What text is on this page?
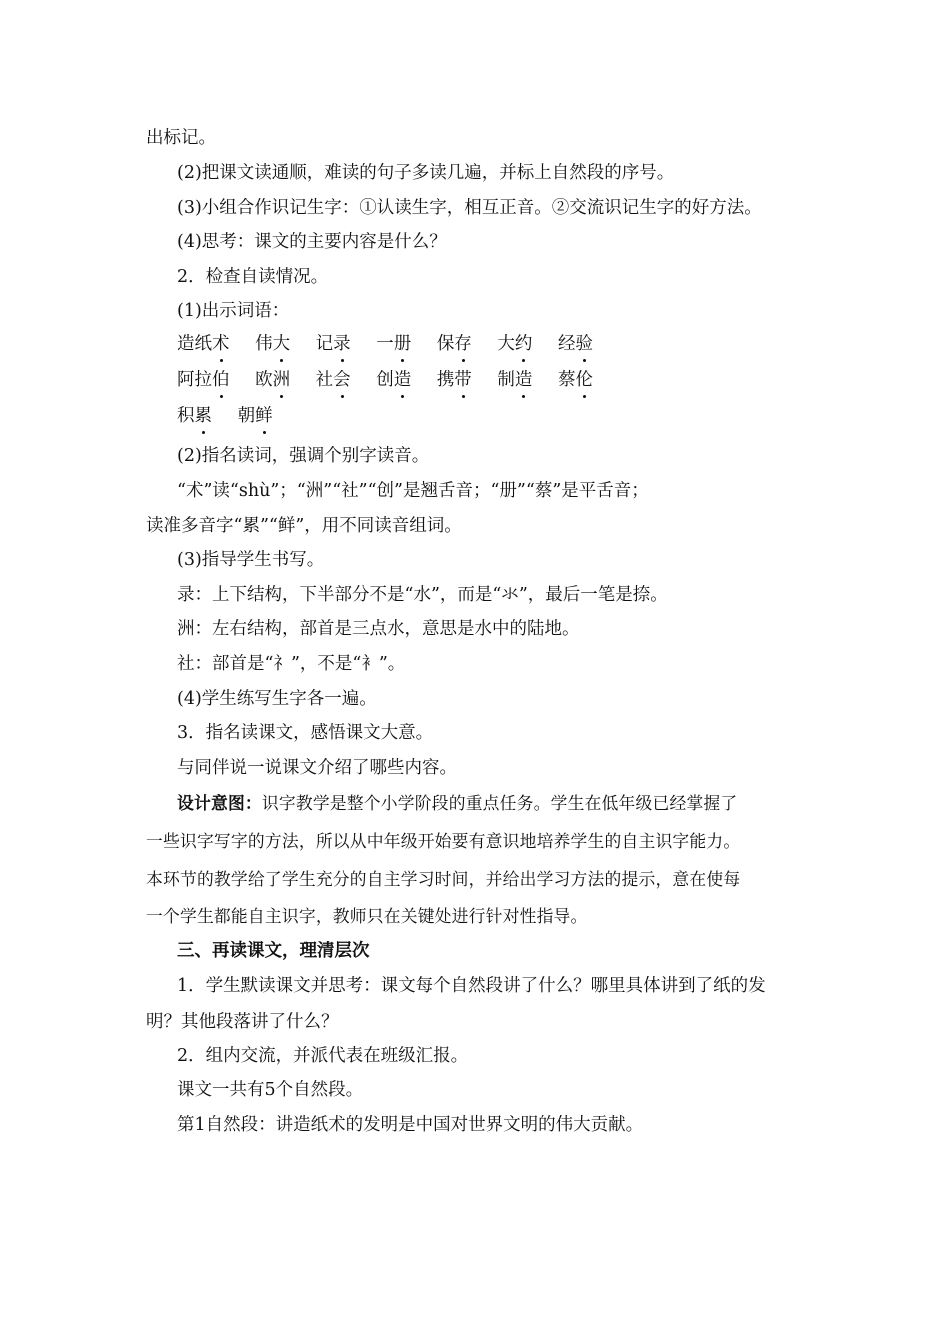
出标记。
(2)把课文读通顺，难读的句子多读几遍，并标上自然段的序号。
(3)小组合作识记生字：①认读生字，相互正音。②交流识记生字的好方法。
(4)思考：课文的主要内容是什么？
2．检查自读情况。
(1)出示词语：
造纸术 伟大 记录 一册 保存 大约 经验
阿拉伯 欧洲 社会 创造 携带 制造 蔡伦
积累 朝鲜
(2)指名读词，强调个别字读音。
“术”读“shù”；“洲”“社”“创”是翘舌音；“册”“蔡”是平舌音；
读准多音字“累”“鲜”，用不同读音组词。
(3)指导学生书写。
录：上下结构，下半部分不是“水”，而是“氺”，最后一笔是捺。
洲：左右结构，部首是三点水，意思是水中的陆地。
社：部首是“礻”，不是“衤”。
(4)学生练写生字各一遍。
3．指名读课文，感悟课文大意。
与同伴说一说课文介绍了哪些内容。
设计意图：识字教学是整个小学阶段的重点任务。学生在低年级已经掌握了
一些识字写字的方法，所以从中年级开始要有意识地培养学生的自主识字能力。
本环节的教学给了学生充分的自主学习时间，并给出学习方法的提示，意在使每
一个学生都能自主识字，教师只在关键处进行针对性指导。
三、再读课文，理清层次
1．学生默读课文并思考：课文每个自然段讲了什么？哪里具体讲到了纸的发
明？其他段落讲了什么？
2．组内交流，并派代表在班级汇报。
课文一共有5个自然段。
第1自然段：讲造纸术的发明是中国对世界文明的伟大贡献。
